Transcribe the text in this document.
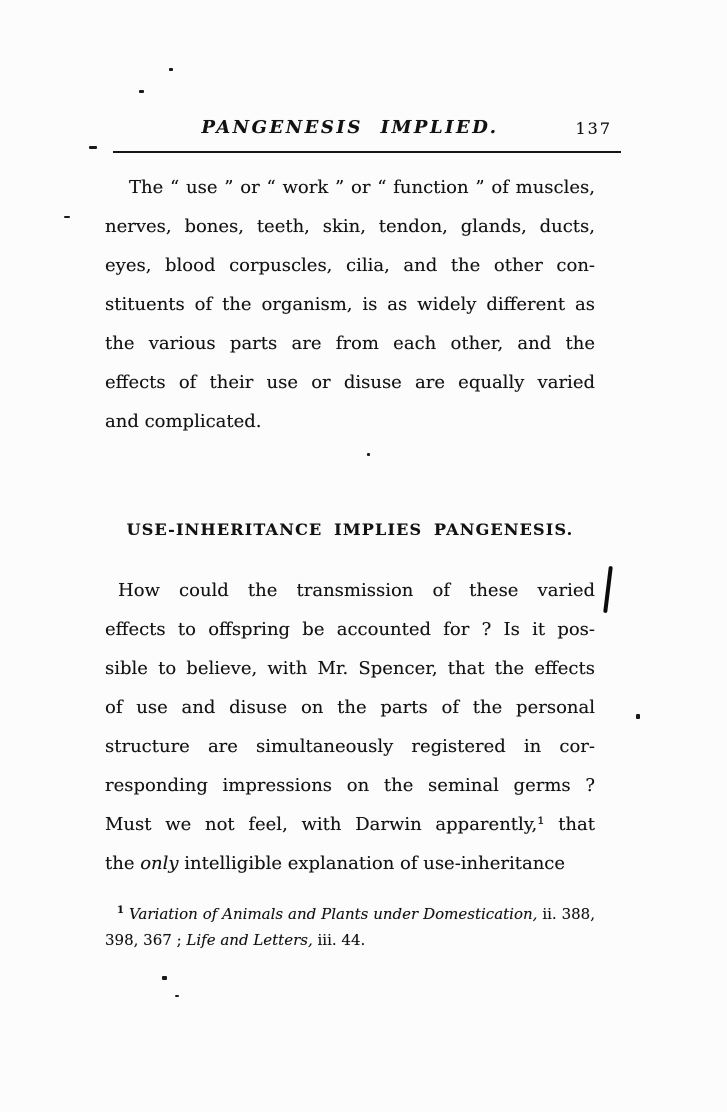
PANGENESIS IMPLIED.	137
The “ use ” or “ work ” or “ function ” of muscles,
nerves, bones, teeth, skin, tendon, glands, ducts,
eyes, blood corpuscles, cilia, and the other con-
stituents of the organism, is as widely different as
the various parts are from each other, and the
effects of their use or disuse are equally varied
and complicated.
USE-INHERITANCE IMPLIES PANGENESIS.
How could the transmission of these varied
effects to offspring be accounted for ? Is it pos-
sible to believe, with Mr. Spencer, that the effects
of use and disuse on the parts of the personal
structure are simultaneously registered in cor-
responding impressions on the seminal germs ?
Must we not feel, with Darwin apparently,¹ that
the only intelligible explanation of use-inheritance
$^1$ Variation of Animals and Plants under Domestication, ii. 388,
398, 367 ; Life and Letters, iii. 44.
